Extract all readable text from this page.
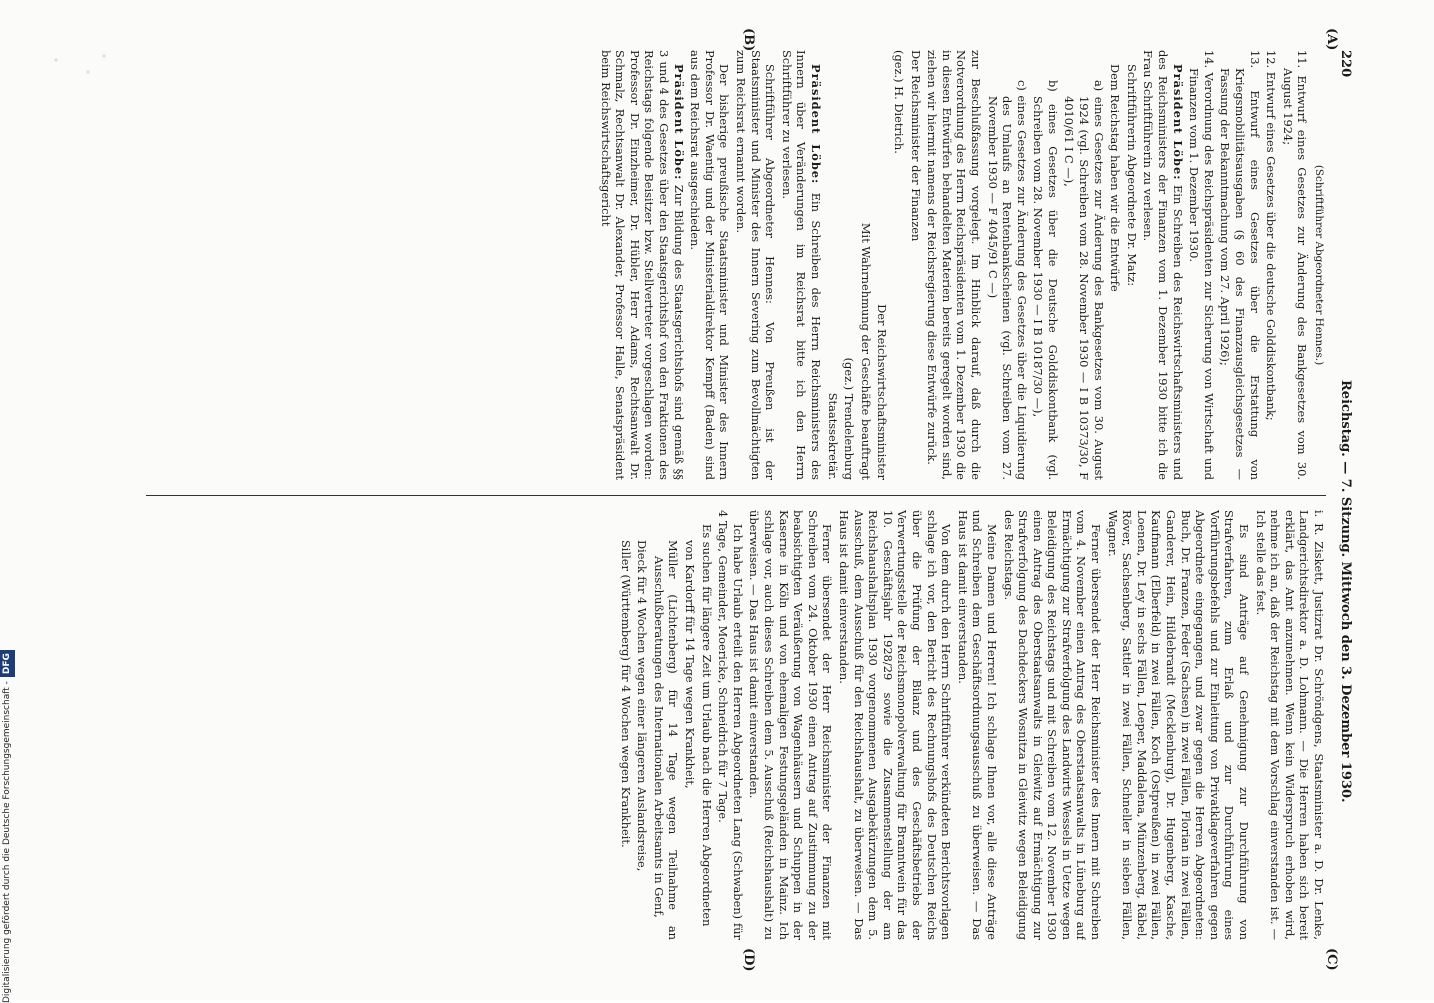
220
Reichstag. — 7. Sitzung. Mittwoch den 3. Dezember 1930.
(A)
(B)
(C)
(D)

(Schriftführer Abgeordneter Hennes.)

11. Entwurf eines Gesetzes zur Änderung des Bankgesetzes vom 30. August 1924;

12. Entwurf eines Gesetzes über die deutsche Golddiskontbank;

13. Entwurf eines Gesetzes über die Erstattung von Kriegsmobilitätsausgaben (§ 60 des Finanzausgleichsgesetzes — Fassung der Bekanntmachung vom 27. April 1926);

14. Verordnung des Reichspräsidenten zur Sicherung von Wirtschaft und Finanzen vom 1. Dezember 1930.

Präsident Löbe: Ein Schreiben des Reichswirtschaftsministers und des Reichsministers der Finanzen vom 1. Dezember 1930 bitte ich die Frau Schriftführerin zu verlesen.

Schriftführerin Abgeordnete Dr. Matz:

Dem Reichstag haben wir die Entwürfe

a) eines Gesetzes zur Änderung des Bankgesetzes vom 30. August 1924 (vgl. Schreiben vom 28. November 1930 — I B 10373/30, F 4010/61 I C —),

b) eines Gesetzes über die Deutsche Golddiskontbank (vgl. Schreiben vom 28. November 1930 — I B 10187/30 —),

c) eines Gesetzes zur Änderung des Gesetzes über die Liquidierung des Umlaufs an Rentenbankscheinen (vgl. Schreiben vom 27. November 1930 — F 4045/91 C —)

zur Beschlußfassung vorgelegt. Im Hinblick darauf, daß durch die Notverordnung des Herrn Reichspräsidenten vom 1. Dezember 1930 die in diesen Entwürfen behandelten Materien bereits geregelt worden sind, ziehen wir hiermit namens der Reichsregierung diese Entwürfe zurück.

Der Reichsminister der Finanzen

(gez.) H. Dietrich.

Der Reichswirtschaftsminister

Mit Wahrnehmung der Geschäfte beauftragt

(gez.) Trendelenburg

Staatssekretär.

Präsident Löbe: Ein Schreiben des Herrn Reichsministers des Innern über Veränderungen im Reichsrat bitte ich den Herrn Schriftführer zu verlesen.

Schriftführer Abgeordneter Hennes: Von Preußen ist der Staatsminister und Minister des Innern Severing zum Bevollmächtigten zum Reichsrat ernannt worden.

Der bisherige preußische Staatsminister und Minister des Innern Professor Dr. Waentig und der Ministerialdirektor Kempff (Baden) sind aus dem Reichsrat ausgeschieden.

Präsident Löbe: Zur Bildung des Staatsgerichtshofs sind gemäß §§ 3 und 4 des Gesetzes über den Staatsgerichtshof von den Fraktionen des Reichstags folgende Beisitzer bzw. Stellvertreter vorgeschlagen worden: Professor Dr. Einzheimer, Dr. Hübler, Herr Adams, Rechtsanwalt Dr. Schmalz, Rechtsanwalt Dr. Alexander, Professor Halle, Senatspräsident beim Reichswirtschaftsgericht

i. R. Ziskett, Justizrat Dr. Schröndgens, Staatsminister a. D. Dr. Lenke, Landgerichtsdirektor a. D. Lohmann. — Die Herren haben sich bereit erklärt, das Amt anzunehmen. Wenn kein Widerspruch erhoben wird, nehme ich an, daß der Reichstag mit dem Vorschlag einverstanden ist. — Ich stelle das fest.

Es sind Anträge auf Genehmigung zur Durchführung von Strafverfahren, zum Erlaß und zur Durchführung eines Vorführungsbefehls und zur Einleitung von Privatklageverfahren gegen Abgeordnete eingegangen, und zwar gegen die Herren Abgeordneten: Buch, Dr. Franzen, Feder (Sachsen) in zwei Fällen, Florian in zwei Fällen, Ganderer, Hein, Hildebrandt (Mecklenburg), Dr. Hugenberg, Kasche, Kaufmann (Elberfeld) in zwei Fällen, Koch (Ostpreußen) in zwei Fällen, Loenen, Dr. Ley in sechs Fällen, Loeper, Maddalena, Münzenberg, Räbel, Röver, Sachsenberg, Sattler in zwei Fällen, Schneller in sieben Fällen, Wagner.

Ferner übersendet der Herr Reichsminister des Innern mit Schreiben vom 4. November einen Antrag des Oberstaatsanwalts in Lüneburg auf Ermächtigung zur Strafverfolgung des Landwirts Wessels in Uetze wegen Beleidigung des Reichstags und mit Schreiben vom 12. November 1930 einen Antrag des Oberstaatsanwalts in Gleiwitz auf Ermächtigung zur Strafverfolgung des Dachdeckers Wosnitza in Gleiwitz wegen Beleidigung des Reichstags.

Meine Damen und Herren! Ich schlage Ihnen vor, alle diese Anträge und Schreiben dem Geschäftsordnungsausschuß zu überweisen. — Das Haus ist damit einverstanden.

Von dem durch den Herrn Schriftführer verkündeten Berichtsvorlagen schlage ich vor, den Bericht des Rechnungshofs des Deutschen Reichs über die Prüfung der Bilanz und des Geschäftsbetriebs der Verwertungsstelle der Reichsmonopolverwaltung für Branntwein für das 10. Geschäftsjahr 1928/29 sowie die Zusammenstellung der am Reichshaushaltsplan 1930 vorgenommenen Ausgabekürzungen dem 5. Ausschuß, dem Ausschuß für den Reichshaushalt, zu überweisen. — Das Haus ist damit einverstanden.

Ferner übersendet der Herr Reichsminister der Finanzen mit Schreiben vom 24. Oktober 1930 einen Antrag auf Zustimmung zu der beabsichtigten Veräußerung von Wagenhäusern und Schuppen in der Kaserne in Köln und von ehemaligen Festungsgeländen in Mainz. Ich schlage vor, auch dieses Schreiben dem 5. Ausschuß (Reichshaushalt) zu überweisen. — Das Haus ist damit einverstanden.

Ich habe Urlaub erteilt den Herren Abgeordneten Lang (Schwaben) für 4 Tage, Gemeinder, Moericke, Schneidrich für 7 Tage.

Es suchen für längere Zeit um Urlaub nach die Herren Abgeordneten

von Kardorff für 14 Tage wegen Krankheit,

Müller (Lichtenberg) für 14 Tage wegen Teilnahme an Ausschußberatungen des Internationalen Arbeitsamts in Genf,

Dieck für 4 Wochen wegen einer längeren Auslandsreise,

Siller (Württemberg) für 4 Wochen wegen Krankheit.

Digitalisierung gefördert durch die Deutsche Forschungsgemeinschaft -DFG
